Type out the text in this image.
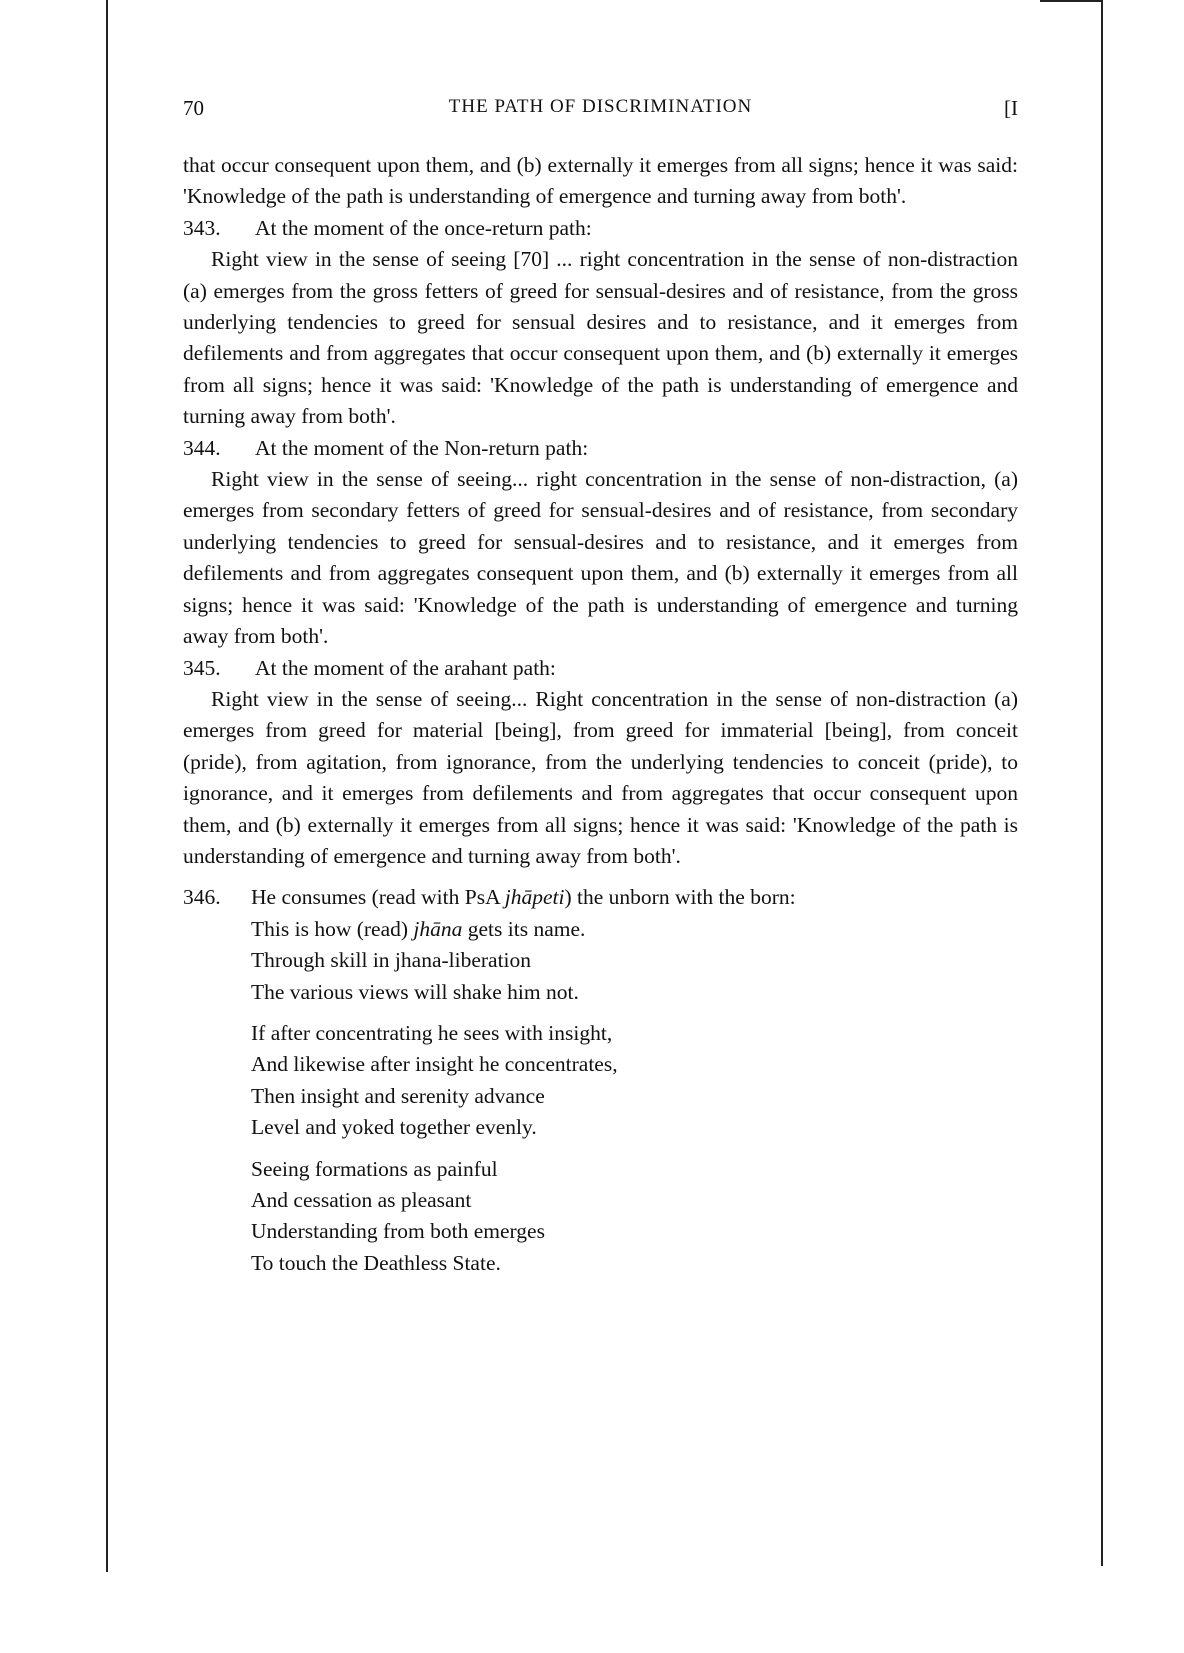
70	THE PATH OF DISCRIMINATION	[I
that occur consequent upon them, and (b) externally it emerges from all signs; hence it was said: 'Knowledge of the path is understanding of emergence and turning away from both'.
343. At the moment of the once-return path:
Right view in the sense of seeing [70] ... right concentration in the sense of non-distraction (a) emerges from the gross fetters of greed for sensual-desires and of resistance, from the gross underlying tendencies to greed for sensual desires and to resistance, and it emerges from defilements and from aggregates that occur consequent upon them, and (b) externally it emerges from all signs; hence it was said: 'Knowledge of the path is understanding of emergence and turning away from both'.
344. At the moment of the Non-return path:
Right view in the sense of seeing... right concentration in the sense of non-distraction, (a) emerges from secondary fetters of greed for sensual-desires and of resistance, from secondary underlying tendencies to greed for sensual-desires and to resistance, and it emerges from defilements and from aggregates consequent upon them, and (b) externally it emerges from all signs; hence it was said: 'Knowledge of the path is understanding of emergence and turning away from both'.
345. At the moment of the arahant path:
Right view in the sense of seeing... Right concentration in the sense of non-distraction (a) emerges from greed for material [being], from greed for immaterial [being], from conceit (pride), from agitation, from ignorance, from the underlying tendencies to conceit (pride), to ignorance, and it emerges from defilements and from aggregates that occur consequent upon them, and (b) externally it emerges from all signs; hence it was said: 'Knowledge of the path is understanding of emergence and turning away from both'.
346. He consumes (read with PsA jhāpeti) the unborn with the born:
This is how (read) jhāna gets its name.
Through skill in jhana-liberation
The various views will shake him not.
If after concentrating he sees with insight,
And likewise after insight he concentrates,
Then insight and serenity advance
Level and yoked together evenly.
Seeing formations as painful
And cessation as pleasant
Understanding from both emerges
To touch the Deathless State.
